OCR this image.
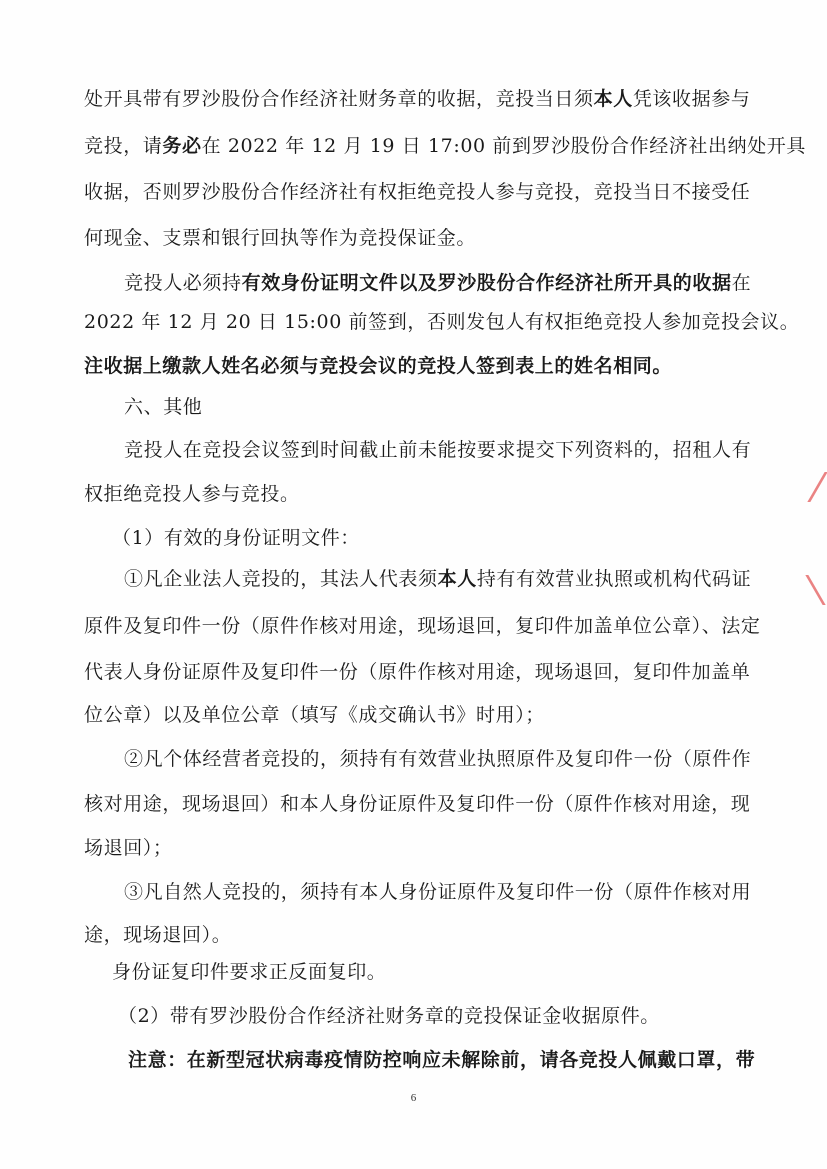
处开具带有罗沙股份合作经济社财务章的收据，竞投当日须本人凭该收据参与
竞投，请务必在 2022 年 12 月 19 日 17:00 前到罗沙股份合作经济社出纳处开具
收据，否则罗沙股份合作经济社有权拒绝竞投人参与竞投，竞投当日不接受任
何现金、支票和银行回执等作为竞投保证金。
竞投人必须持有效身份证明文件以及罗沙股份合作经济社所开具的收据在
2022 年 12 月 20 日 15:00 前签到，否则发包人有权拒绝竞投人参加竞投会议。
注收据上缴款人姓名必须与竞投会议的竞投人签到表上的姓名相同。
六、其他
竞投人在竞投会议签到时间截止前未能按要求提交下列资料的，招租人有
权拒绝竞投人参与竞投。
（1）有效的身份证明文件：
①凡企业法人竞投的，其法人代表须本人持有有效营业执照或机构代码证
原件及复印件一份（原件作核对用途，现场退回，复印件加盖单位公章）、法定
代表人身份证原件及复印件一份（原件作核对用途，现场退回，复印件加盖单
位公章）以及单位公章（填写《成交确认书》时用）；
②凡个体经营者竞投的，须持有有效营业执照原件及复印件一份（原件作
核对用途，现场退回）和本人身份证原件及复印件一份（原件作核对用途，现
场退回）；
③凡自然人竞投的，须持有本人身份证原件及复印件一份（原件作核对用
途，现场退回）。
身份证复印件要求正反面复印。
（2）带有罗沙股份合作经济社财务章的竞投保证金收据原件。
注意：在新型冠状病毒疫情防控响应未解除前，请各竞投人佩戴口罩，带
6
